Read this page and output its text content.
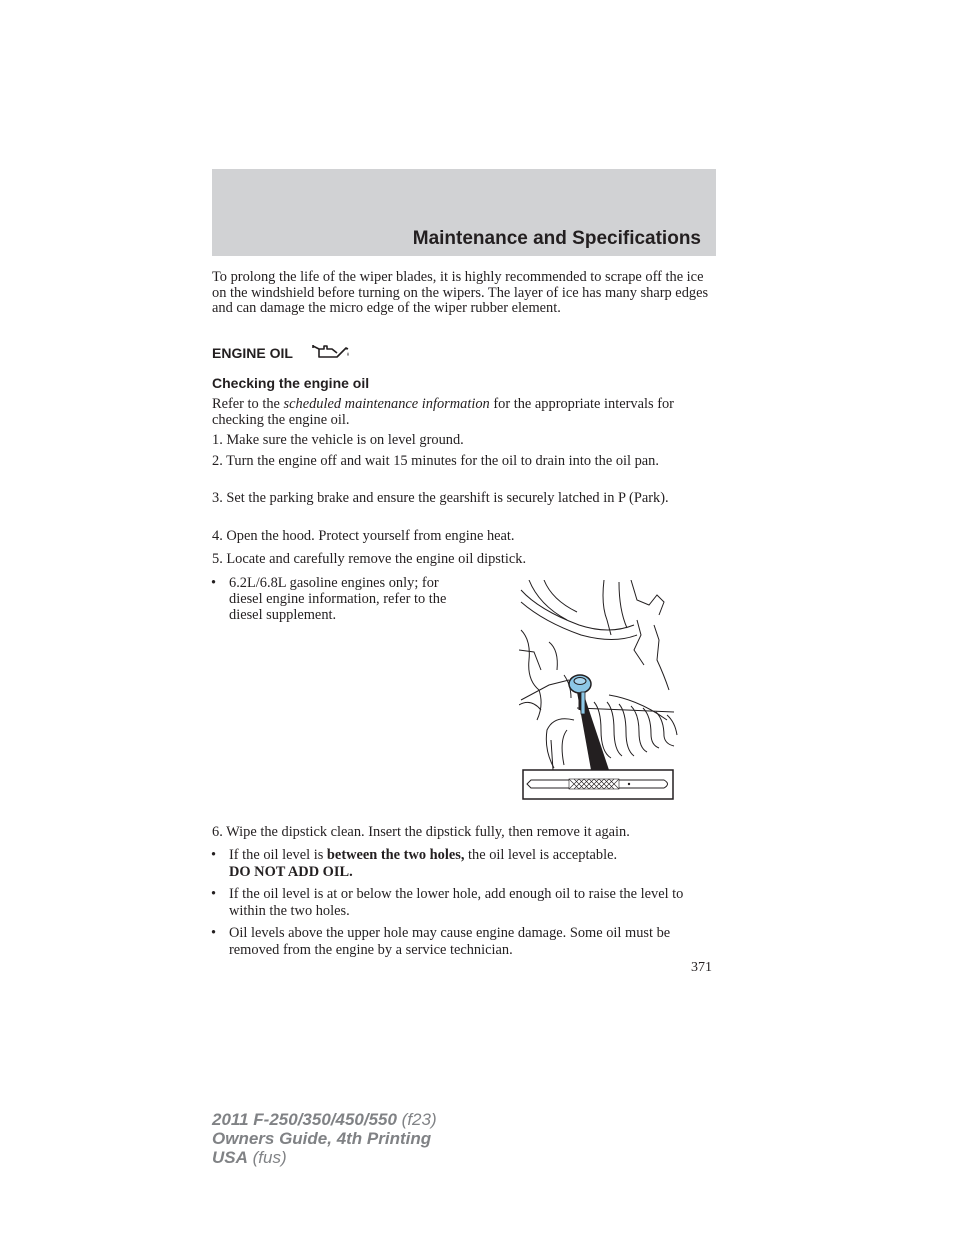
Maintenance and Specifications
To prolong the life of the wiper blades, it is highly recommended to scrape off the ice on the windshield before turning on the wipers. The layer of ice has many sharp edges and can damage the micro edge of the wiper rubber element.
ENGINE OIL
Checking the engine oil
Refer to the scheduled maintenance information for the appropriate intervals for checking the engine oil.
1. Make sure the vehicle is on level ground.
2. Turn the engine off and wait 15 minutes for the oil to drain into the oil pan.
3. Set the parking brake and ensure the gearshift is securely latched in P (Park).
4. Open the hood. Protect yourself from engine heat.
5. Locate and carefully remove the engine oil dipstick.
• 6.2L/6.8L gasoline engines only; for diesel engine information, refer to the diesel supplement.
6. Wipe the dipstick clean. Insert the dipstick fully, then remove it again.
• If the oil level is between the two holes, the oil level is acceptable.
DO NOT ADD OIL.
• If the oil level is at or below the lower hole, add enough oil to raise the level to within the two holes.
• Oil levels above the upper hole may cause engine damage. Some oil must be removed from the engine by a service technician.
371
2011 F-250/350/450/550 (f23)
Owners Guide, 4th Printing
USA (fus)
